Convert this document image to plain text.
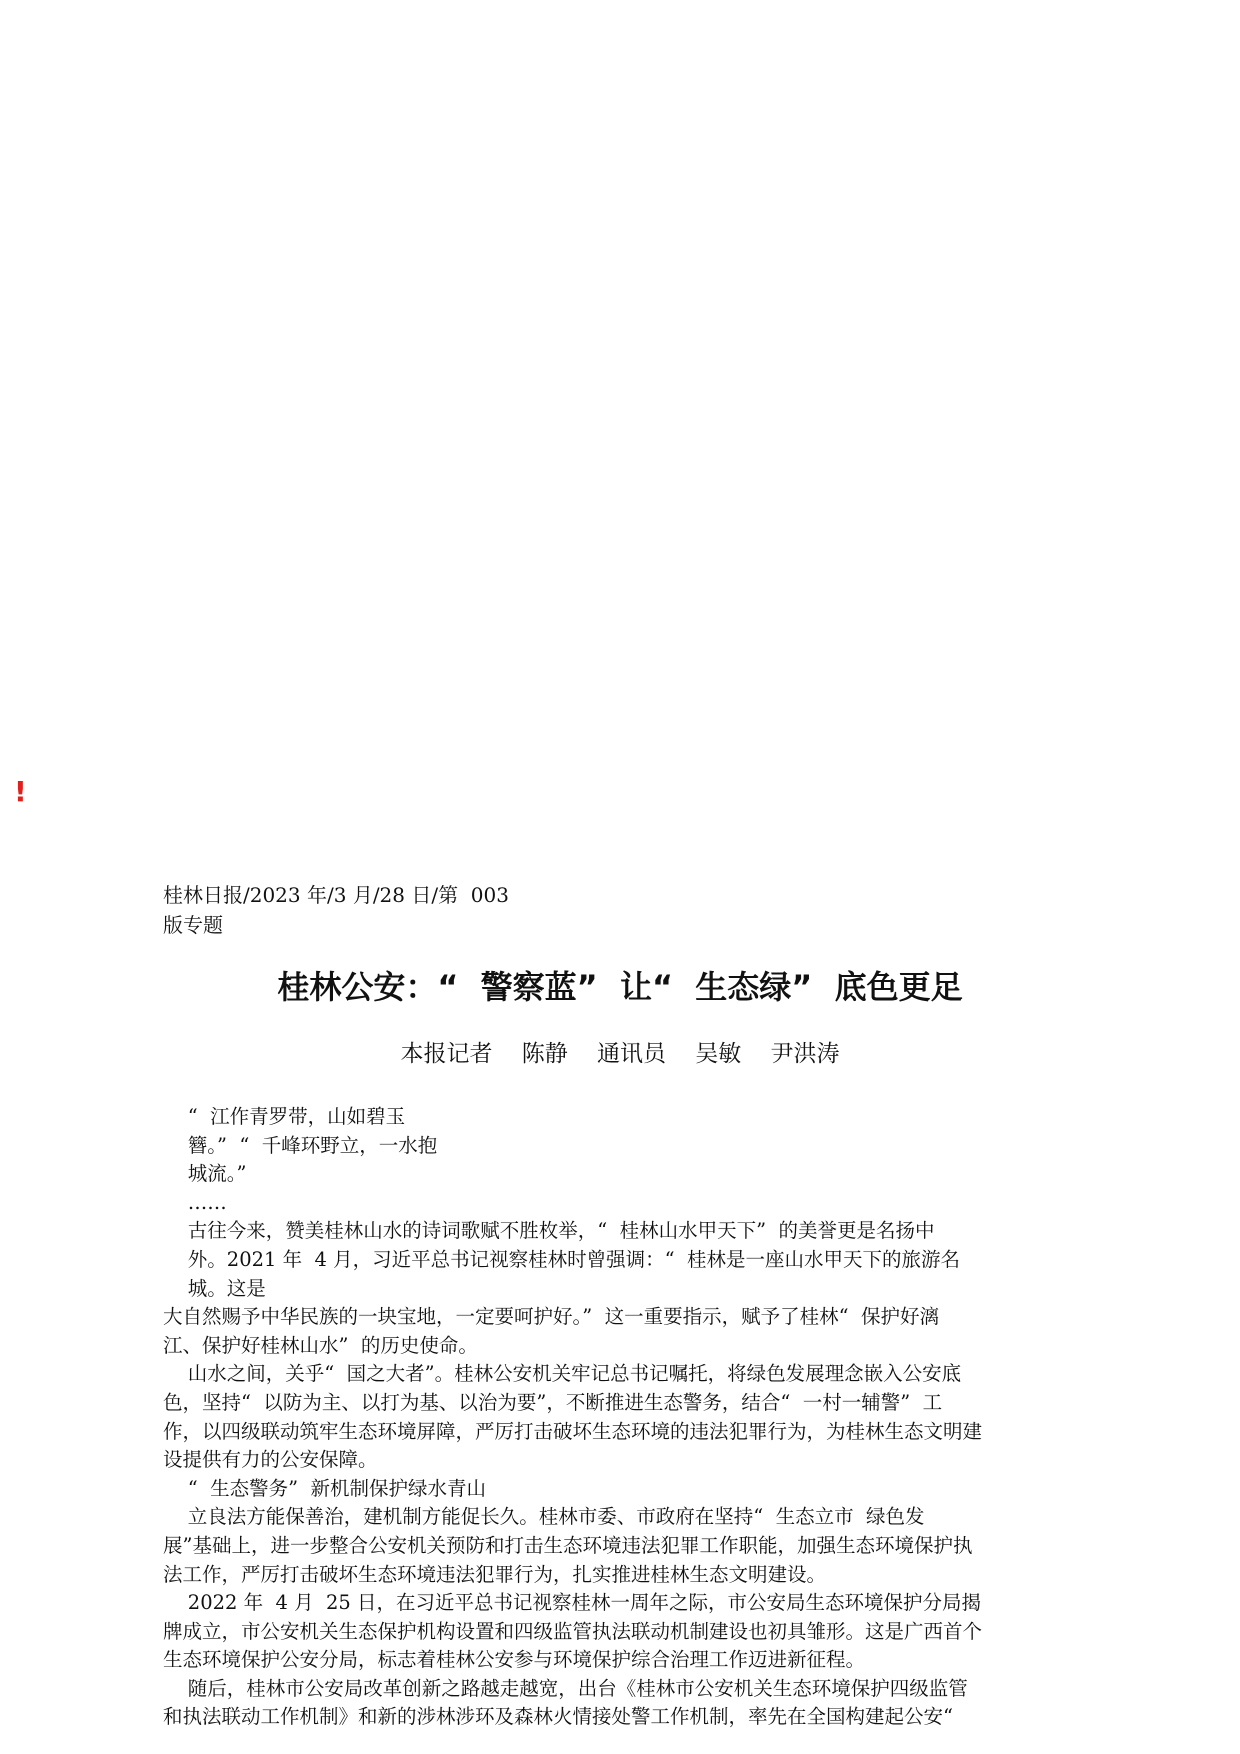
!
桂林日报/2023 年/3 月/28 日/第  003
版专题
桂林公安：“  警察蓝”  让“  生态绿”  底色更足

本报记者    陈静    通讯员    吴敏    尹洪涛

“  江作青罗带，山如碧玉
簪。”  “  千峰环野立，一水抱
城流。”
……
古往今来，赞美桂林山水的诗词歌赋不胜枚举，“  桂林山水甲天下”  的美誉更是名扬中
外。2021 年  4 月，习近平总书记视察桂林时曾强调：“  桂林是一座山水甲天下的旅游名
城。这是
大自然赐予中华民族的一块宝地，一定要呵护好。”  这一重要指示，赋予了桂林“  保护好漓
江、保护好桂林山水”  的历史使命。
山水之间，关乎“  国之大者”。桂林公安机关牢记总书记嘱托，将绿色发展理念嵌入公安底
色，坚持“  以防为主、以打为基、以治为要”，不断推进生态警务，结合“  一村一辅警”  工
作，以四级联动筑牢生态环境屏障，严厉打击破坏生态环境的违法犯罪行为，为桂林生态文明建
设提供有力的公安保障。
“  生态警务”  新机制保护绿水青山
立良法方能保善治，建机制方能促长久。桂林市委、市政府在坚持“  生态立市  绿色发
展”基础上，进一步整合公安机关预防和打击生态环境违法犯罪工作职能，加强生态环境保护执
法工作，严厉打击破坏生态环境违法犯罪行为，扎实推进桂林生态文明建设。
2022 年  4 月  25 日，在习近平总书记视察桂林一周年之际，市公安局生态环境保护分局揭
牌成立，市公安机关生态保护机构设置和四级监管执法联动机制建设也初具雏形。这是广西首个
生态环境保护公安分局，标志着桂林公安参与环境保护综合治理工作迈进新征程。
随后，桂林市公安局改革创新之路越走越宽，出台《桂林市公安机关生态环境保护四级监管
和执法联动工作机制》和新的涉林涉环及森林火情接处警工作机制，率先在全国构建起公安“
